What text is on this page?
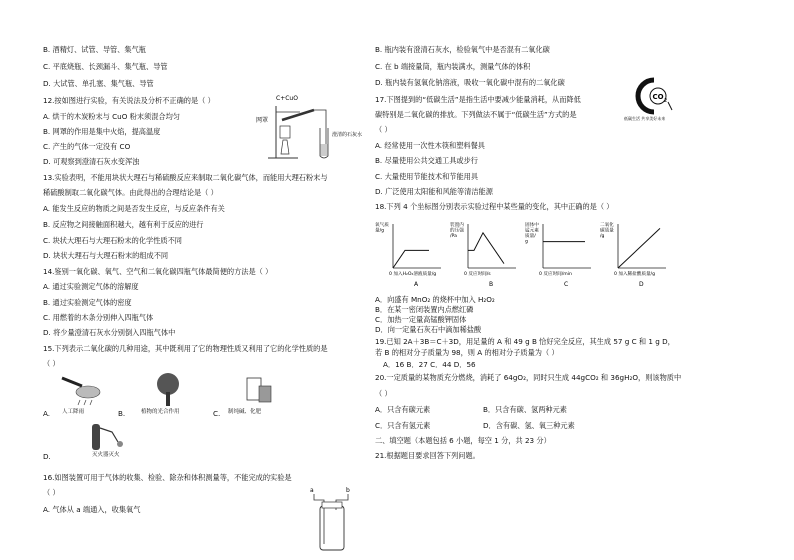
B. 酒精灯、试管、导管、集气瓶
C. 平底烧瓶、长颈漏斗、集气瓶、导管
D. 大试管、单孔塞、集气瓶、导管
12.按如图进行实验，有关说法及分析不正确的是（ ）
A. 烘干的木炭粉末与 CuO 粉末须混合均匀
B. 网罩的作用是集中火焰，提高温度
C. 产生的气体一定没有 CO
D. 可观察到澄清石灰水变浑浊
C+CuO
网罩
澄清的石灰水
13.实验表明，不能用块状大理石与稀硫酸反应来制取二氧化碳气体，而能用大理石粉末与
稀硫酸制取二氧化碳气体。由此得出的合理结论是（ ）
A. 能发生反应的物质之间是否发生反应，与反应条件有关
B. 反应物之间接触面积越大，越有利于反应的进行
C. 块状大理石与大理石粉末的化学性质不同
D. 块状大理石与大理石粉末的组成不同
14.鉴别一氧化碳、氧气、空气和二氧化碳四瓶气体最简便的方法是（ ）
A. 通过实验测定气体的溶解度
B. 通过实验测定气体的密度
C. 用燃着的木条分别伸入四瓶气体
D. 将少量澄清石灰水分别倒入四瓶气体中
15.下列表示二氧化碳的几种用途，其中既利用了它的物理性质又利用了它的化学性质的是
（ ）
A. 人工降雨	B.	植物的光合作用	C. 制纯碱、化肥
D.	灭火器灭火
16.如图装置可用于气体的收集、检验、除杂和体积测量等，不能完成的实验是
（ ）
A. 气体从 a 端通入，收集氧气
a	b
B. 瓶内装有澄清石灰水，检验氧气中是否混有二氧化碳
C. 在 b 端接量筒，瓶内装满水，测量气体的体积
D. 瓶内装有氢氧化钠溶液，吸收一氧化碳中混有的二氧化碳
17.下图提到的“低碳生活”是指生活中要减少能量消耗，从而降低
碳特别是二氧化碳的排放。下列做法不属于“低碳生活”方式的是
（ ）
CO 2
低碳生活 共享美好未来
A. 经常使用一次性木筷和塑料餐具
B. 尽量使用公共交通工具或步行
C. 大量使用节能技术和节能用具
D. 广泛使用太阳能和风能等清洁能源
18.下列 4 个坐标图分别表示实验过程中某些量的变化，其中正确的是（ ）
氧气质量/g
0 加入H₂O₂溶液质量/g
A
装置内的压强/Pa
0 反应时间/s
B
固体中锰元素质量/ g
0 反应时间/min
C
二氧化碳质量/g
0 加入稀盐酸质量/g
D
A．向盛有 MnO₂ 的烧杯中加入 H₂O₂
B．在某一密闭装置内点燃红磷
C．加热一定量高锰酸钾固体
D．向一定量石灰石中滴加稀盐酸
19.已知 2A＋3B＝C＋3D，用足量的 A 和 49 g B 恰好完全反应，其生成 57 g C 和 1 g D，
若 B 的相对分子质量为 98，则 A 的相对分子质量为（ ）
A．16 B．27 C．44 D．56
20.一定质量的某物质充分燃烧，消耗了 64gO₂，同时只生成 44gCO₂ 和 36gH₂O，则该物质中
（ ）
A．只含有碳元素	B．只含有碳、氢两种元素
C．只含有氢元素	D．含有碳、氢、氧三种元素
二、填空题（本题包括 6 小题，每空 1 分，共 23 分）
21.根据题目要求回答下列问题。
